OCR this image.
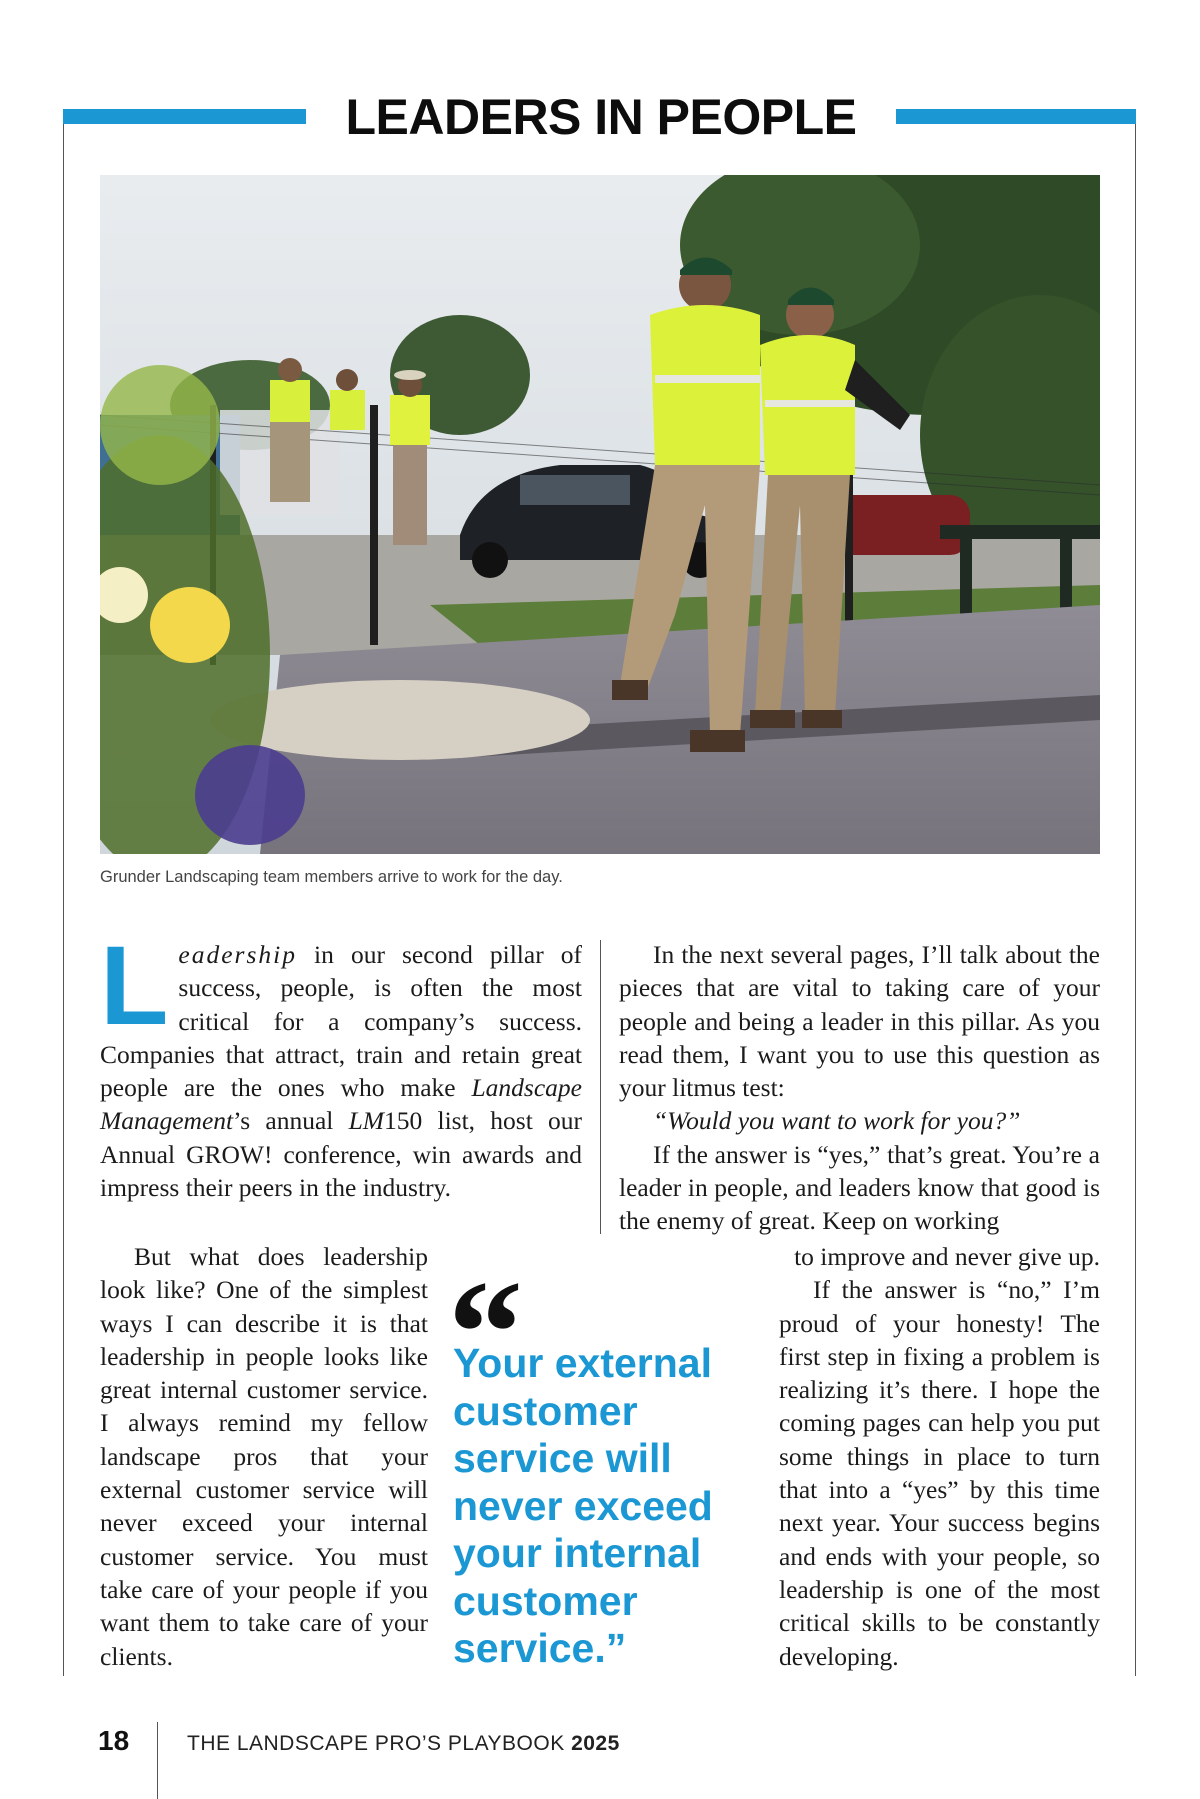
LEADERS IN PEOPLE

Grunder Landscaping team members arrive to work for the day.

Leadership in our second pillar of success, people, is often the most critical for a company’s success. Companies that attract, train and retain great people are the ones who make Landscape Management’s annual LM150 list, host our Annual GROW! conference, win awards and impress their peers in the industry.

But what does leadership look like? One of the simplest ways I can describe it is that leadership in people looks like great internal customer service. I always remind my fellow landscape pros that your external customer service will never exceed your internal customer service. You must take care of your people if you want them to take care of your clients.

In the next several pages, I’ll talk about the pieces that are vital to taking care of your people and being a leader in this pillar. As you read them, I want you to use this question as your litmus test:

“Would you want to work for you?”

If the answer is “yes,” that’s great. You’re a leader in people, and leaders know that good is the enemy of great. Keep on working

to improve and never give up.

If the answer is “no,” I’m proud of your honesty! The first step in fixing a problem is realizing it’s there. I hope the coming pages can help you put some things in place to turn that into a “yes” by this time next year. Your success begins and ends with your people, so leadership is one of the most critical skills to be constantly developing.

“

Your external customer service will never exceed your internal customer service.”

18	THE LANDSCAPE PRO’S PLAYBOOK 2025
